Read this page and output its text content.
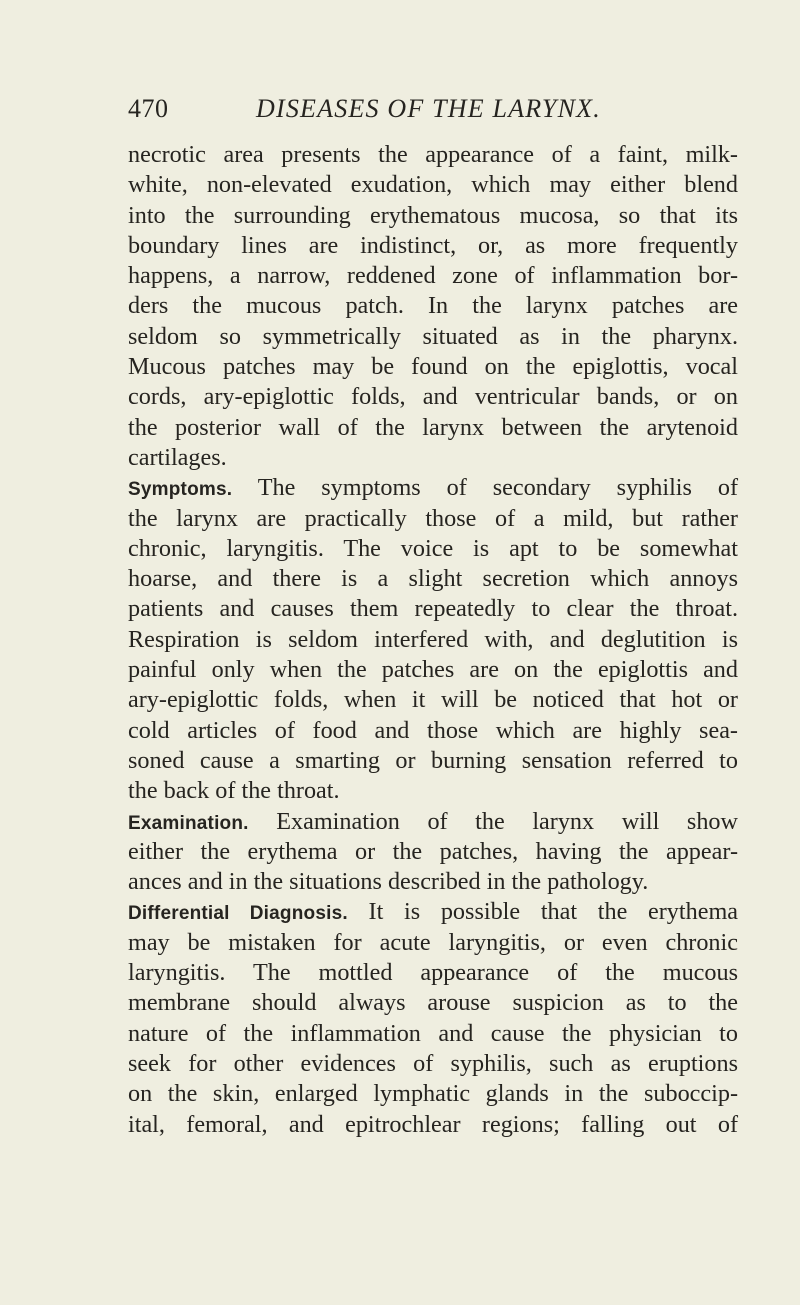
470	DISEASES OF THE LARYNX.
necrotic area presents the appearance of a faint, milk-
white, non-elevated exudation, which may either blend
into the surrounding erythematous mucosa, so that its
boundary lines are indistinct, or, as more frequently
happens, a narrow, reddened zone of inflammation bor-
ders the mucous patch. In the larynx patches are
seldom so symmetrically situated as in the pharynx.
Mucous patches may be found on the epiglottis, vocal
cords, ary-epiglottic folds, and ventricular bands, or on
the posterior wall of the larynx between the arytenoid
cartilages.
Symptoms. The symptoms of secondary syphilis of
the larynx are practically those of a mild, but rather
chronic, laryngitis. The voice is apt to be somewhat
hoarse, and there is a slight secretion which annoys
patients and causes them repeatedly to clear the throat.
Respiration is seldom interfered with, and deglutition is
painful only when the patches are on the epiglottis and
ary-epiglottic folds, when it will be noticed that hot or
cold articles of food and those which are highly sea-
soned cause a smarting or burning sensation referred to
the back of the throat.
Examination. Examination of the larynx will show
either the erythema or the patches, having the appear-
ances and in the situations described in the pathology.
Differential Diagnosis. It is possible that the erythema
may be mistaken for acute laryngitis, or even chronic
laryngitis. The mottled appearance of the mucous
membrane should always arouse suspicion as to the
nature of the inflammation and cause the physician to
seek for other evidences of syphilis, such as eruptions
on the skin, enlarged lymphatic glands in the suboccip-
ital, femoral, and epitrochlear regions; falling out of
